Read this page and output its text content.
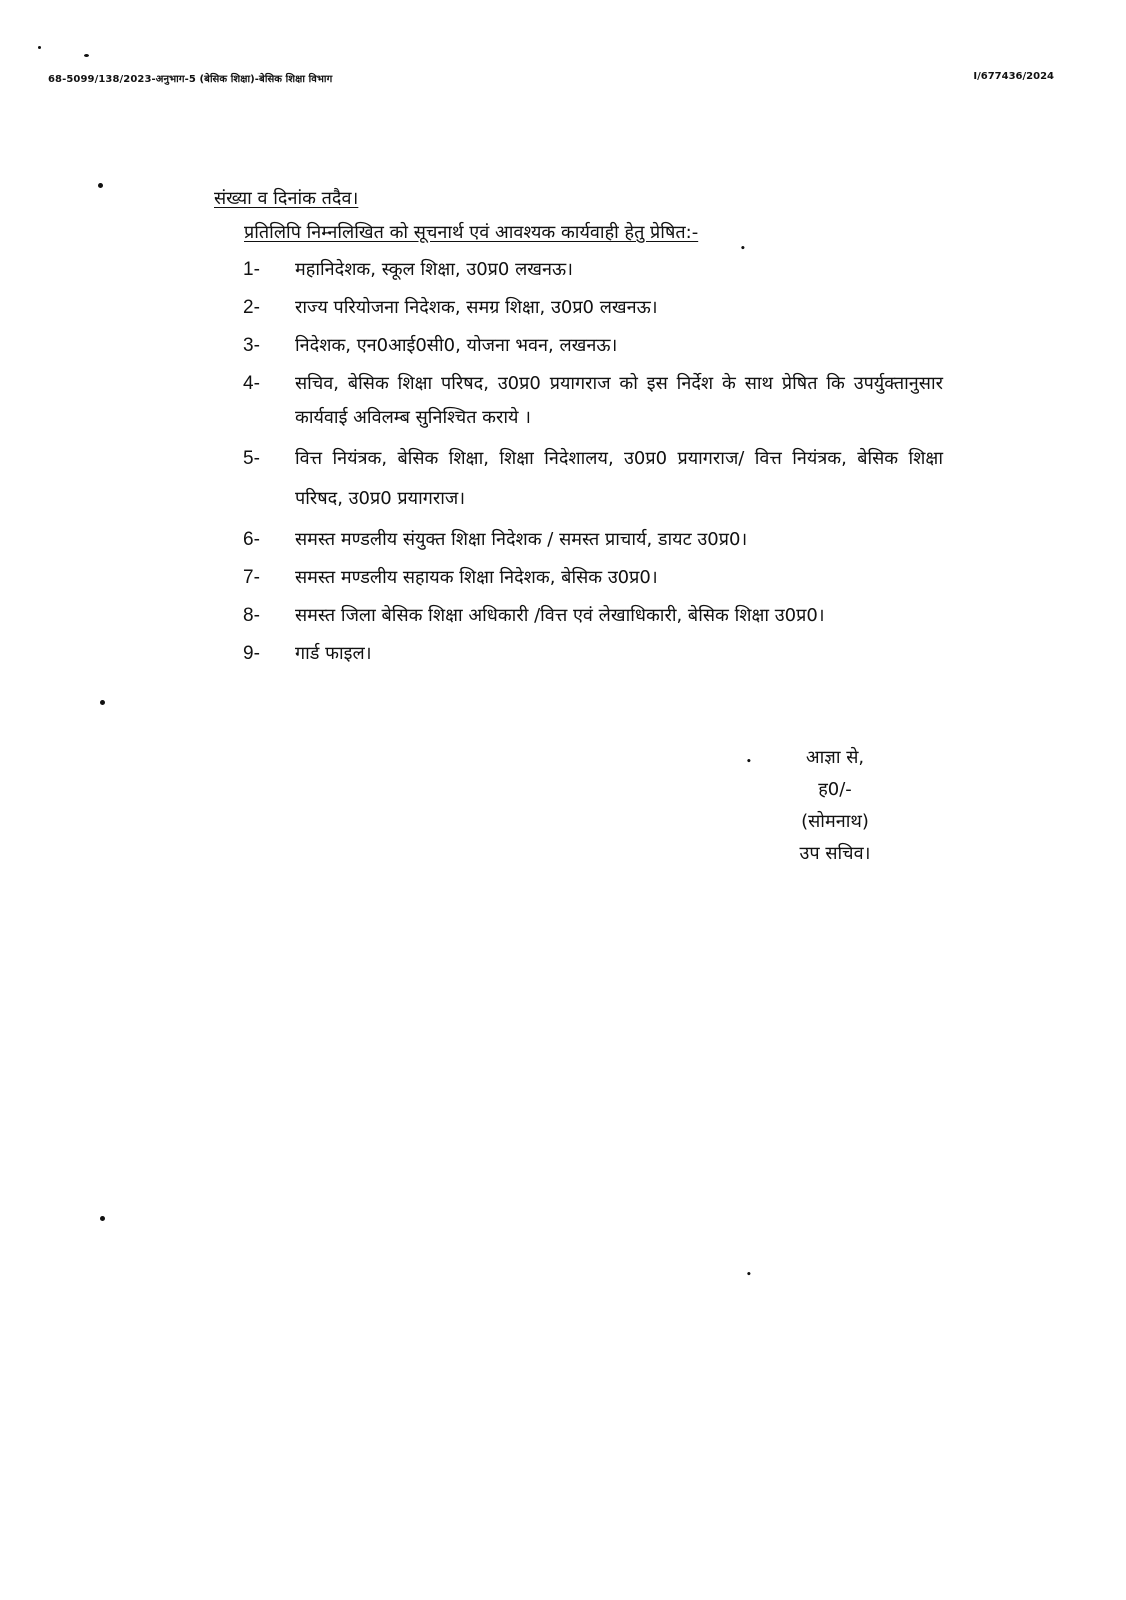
68-5099/138/2023-अनुभाग-5 (बेसिक शिक्षा)-बेसिक शिक्षा विभाग	I/677436/2024
संख्या व दिनांक तदैव।
प्रतिलिपि निम्नलिखित को सूचनार्थ एवं आवश्यक कार्यवाही हेतु प्रेषित:-
1-	महानिदेशक, स्कूल शिक्षा, उ0प्र0 लखनऊ।
2-	राज्य परियोजना निदेशक, समग्र शिक्षा, उ0प्र0 लखनऊ।
3-	निदेशक, एन0आई0सी0, योजना भवन, लखनऊ।
4-	सचिव, बेसिक शिक्षा परिषद, उ0प्र0 प्रयागराज को इस निर्देश के साथ प्रेषित कि उपर्युक्तानुसार कार्यवाई अविलम्ब सुनिश्चित कराये ।
5-	वित्त नियंत्रक, बेसिक शिक्षा, शिक्षा निदेशालय, उ0प्र0 प्रयागराज/ वित्त नियंत्रक, बेसिक शिक्षा परिषद, उ0प्र0 प्रयागराज।
6-	समस्त मण्डलीय संयुक्त शिक्षा निदेशक / समस्त प्राचार्य, डायट उ0प्र0।
7-	समस्त मण्डलीय सहायक शिक्षा निदेशक, बेसिक उ0प्र0।
8-	समस्त जिला बेसिक शिक्षा अधिकारी /वित्त एवं लेखाधिकारी, बेसिक शिक्षा उ0प्र0।
9-	गार्ड फाइल।
आज्ञा से,
ह0/-
(सोमनाथ)
उप सचिव।
•
•
•
